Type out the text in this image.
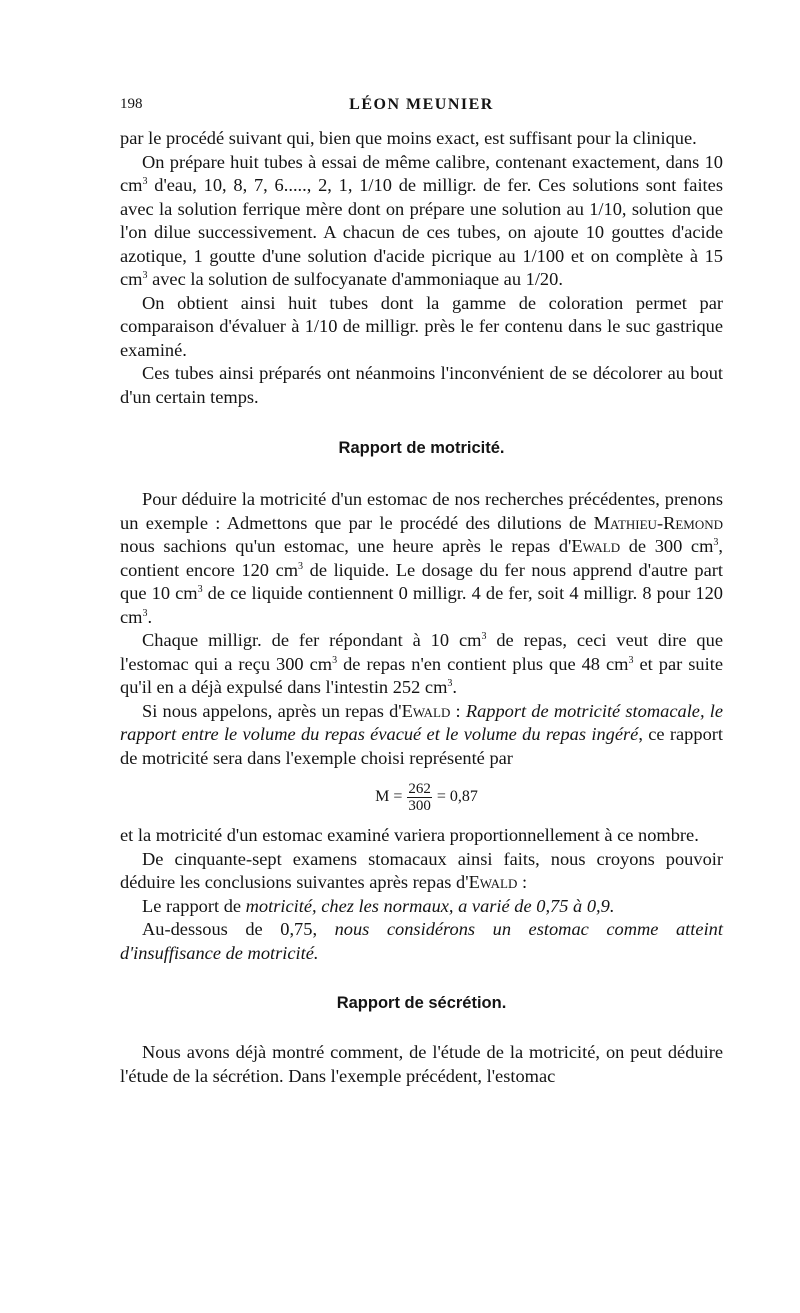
198	LÉON MEUNIER

par le procédé suivant qui, bien que moins exact, est suffisant pour la clinique.

On prépare huit tubes à essai de même calibre, contenant exactement, dans 10 $cm^3$ d'eau, 10, 8, 7, 6....., 2, 1, 1/10 de milligr. de fer. Ces solutions sont faites avec la solution ferrique mère dont on prépare une solution au 1/10, solution que l'on dilue successivement. A chacun de ces tubes, on ajoute 10 gouttes d'acide azotique, 1 goutte d'une solution d'acide picrique au 1/100 et on complète à 15 $cm^3$ avec la solution de sulfocyanate d'ammoniaque au 1/20.

On obtient ainsi huit tubes dont la gamme de coloration permet par comparaison d'évaluer à 1/10 de milligr. près le fer contenu dans le suc gastrique examiné.

Ces tubes ainsi préparés ont néanmoins l'inconvénient de se décolorer au bout d'un certain temps.

Rapport de motricité.

Pour déduire la motricité d'un estomac de nos recherches précédentes, prenons un exemple : Admettons que par le procédé des dilutions de Mathieu-Remond nous sachions qu'un estomac, une heure après le repas d'Ewald de 300 $cm^3$, contient encore 120 $cm^3$ de liquide. Le dosage du fer nous apprend d'autre part que 10 $cm^3$ de ce liquide contiennent 0 milligr. 4 de fer, soit 4 milligr. 8 pour 120 $cm^3$.

Chaque milligr. de fer répondant à 10 $cm^3$ de repas, ceci veut dire que l'estomac qui a reçu 300 $cm^3$ de repas n'en contient plus que 48 $cm^3$ et par suite qu'il en a déjà expulsé dans l'intestin 252 $cm^3$.

Si nous appelons, après un repas d'Ewald : Rapport de motricité stomacale, le rapport entre le volume du repas évacué et le volume du repas ingéré, ce rapport de motricité sera dans l'exemple choisi représenté par

$M = \frac{262}{300} = 0,87$

et la motricité d'un estomac examiné variera proportionnellement à ce nombre.

De cinquante-sept examens stomacaux ainsi faits, nous croyons pouvoir déduire les conclusions suivantes après repas d'Ewald :

Le rapport de motricité, chez les normaux, a varié de 0,75 à 0,9.

Au-dessous de 0,75, nous considérons un estomac comme atteint d'insuffisance de motricité.

Rapport de sécrétion.

Nous avons déjà montré comment, de l'étude de la motricité, on peut déduire l'étude de la sécrétion. Dans l'exemple précédent, l'estomac
